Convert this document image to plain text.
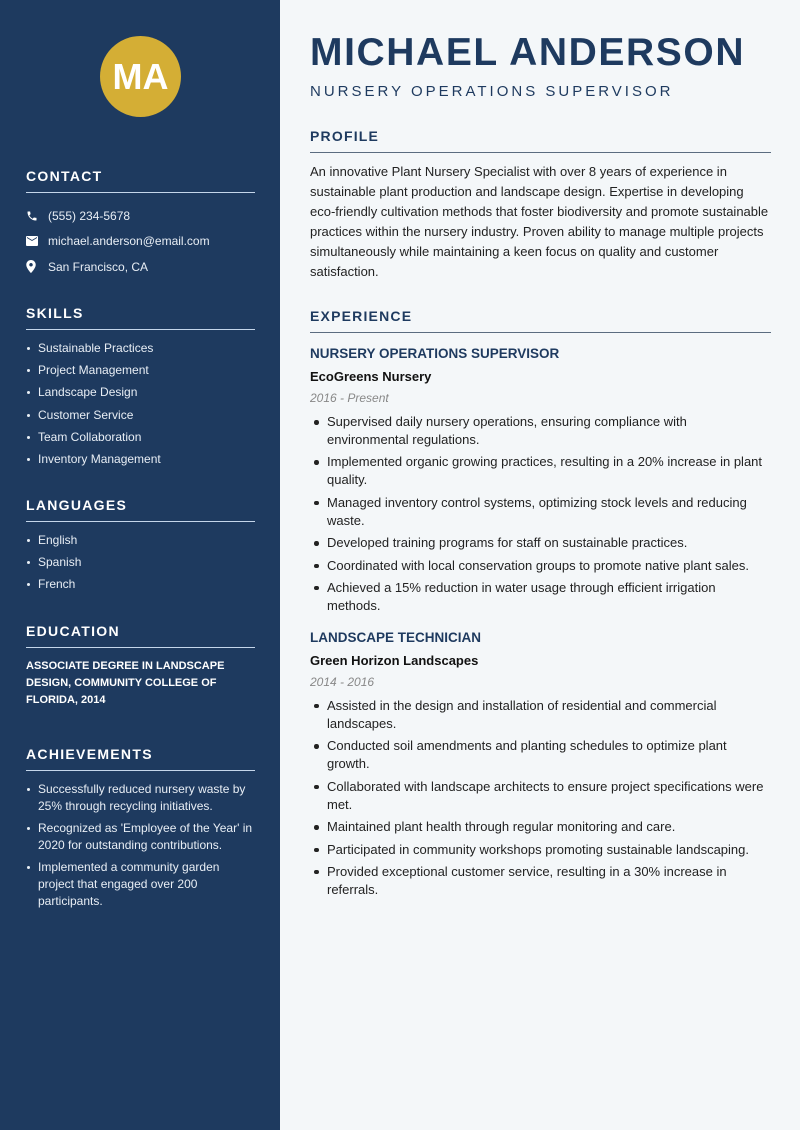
MA
CONTACT
(555) 234-5678
michael.anderson@email.com
San Francisco, CA
SKILLS
Sustainable Practices
Project Management
Landscape Design
Customer Service
Team Collaboration
Inventory Management
LANGUAGES
English
Spanish
French
EDUCATION

ASSOCIATE DEGREE IN LANDSCAPE DESIGN, COMMUNITY COLLEGE OF FLORIDA, 2014

ACHIEVEMENTS
Successfully reduced nursery waste by 25% through recycling initiatives.
Recognized as 'Employee of the Year' in 2020 for outstanding contributions.
Implemented a community garden project that engaged over 200 participants.
MICHAEL ANDERSON
NURSERY OPERATIONS SUPERVISOR
PROFILE

An innovative Plant Nursery Specialist with over 8 years of experience in sustainable plant production and landscape design. Expertise in developing eco-friendly cultivation methods that foster biodiversity and promote sustainable practices within the nursery industry. Proven ability to manage multiple projects simultaneously while maintaining a keen focus on quality and customer satisfaction.

EXPERIENCE
NURSERY OPERATIONS SUPERVISOR
EcoGreens Nursery
2016 - Present
Supervised daily nursery operations, ensuring compliance with environmental regulations.
Implemented organic growing practices, resulting in a 20% increase in plant quality.
Managed inventory control systems, optimizing stock levels and reducing waste.
Developed training programs for staff on sustainable practices.
Coordinated with local conservation groups to promote native plant sales.
Achieved a 15% reduction in water usage through efficient irrigation methods.
LANDSCAPE TECHNICIAN
Green Horizon Landscapes
2014 - 2016
Assisted in the design and installation of residential and commercial landscapes.
Conducted soil amendments and planting schedules to optimize plant growth.
Collaborated with landscape architects to ensure project specifications were met.
Maintained plant health through regular monitoring and care.
Participated in community workshops promoting sustainable landscaping.
Provided exceptional customer service, resulting in a 30% increase in referrals.
